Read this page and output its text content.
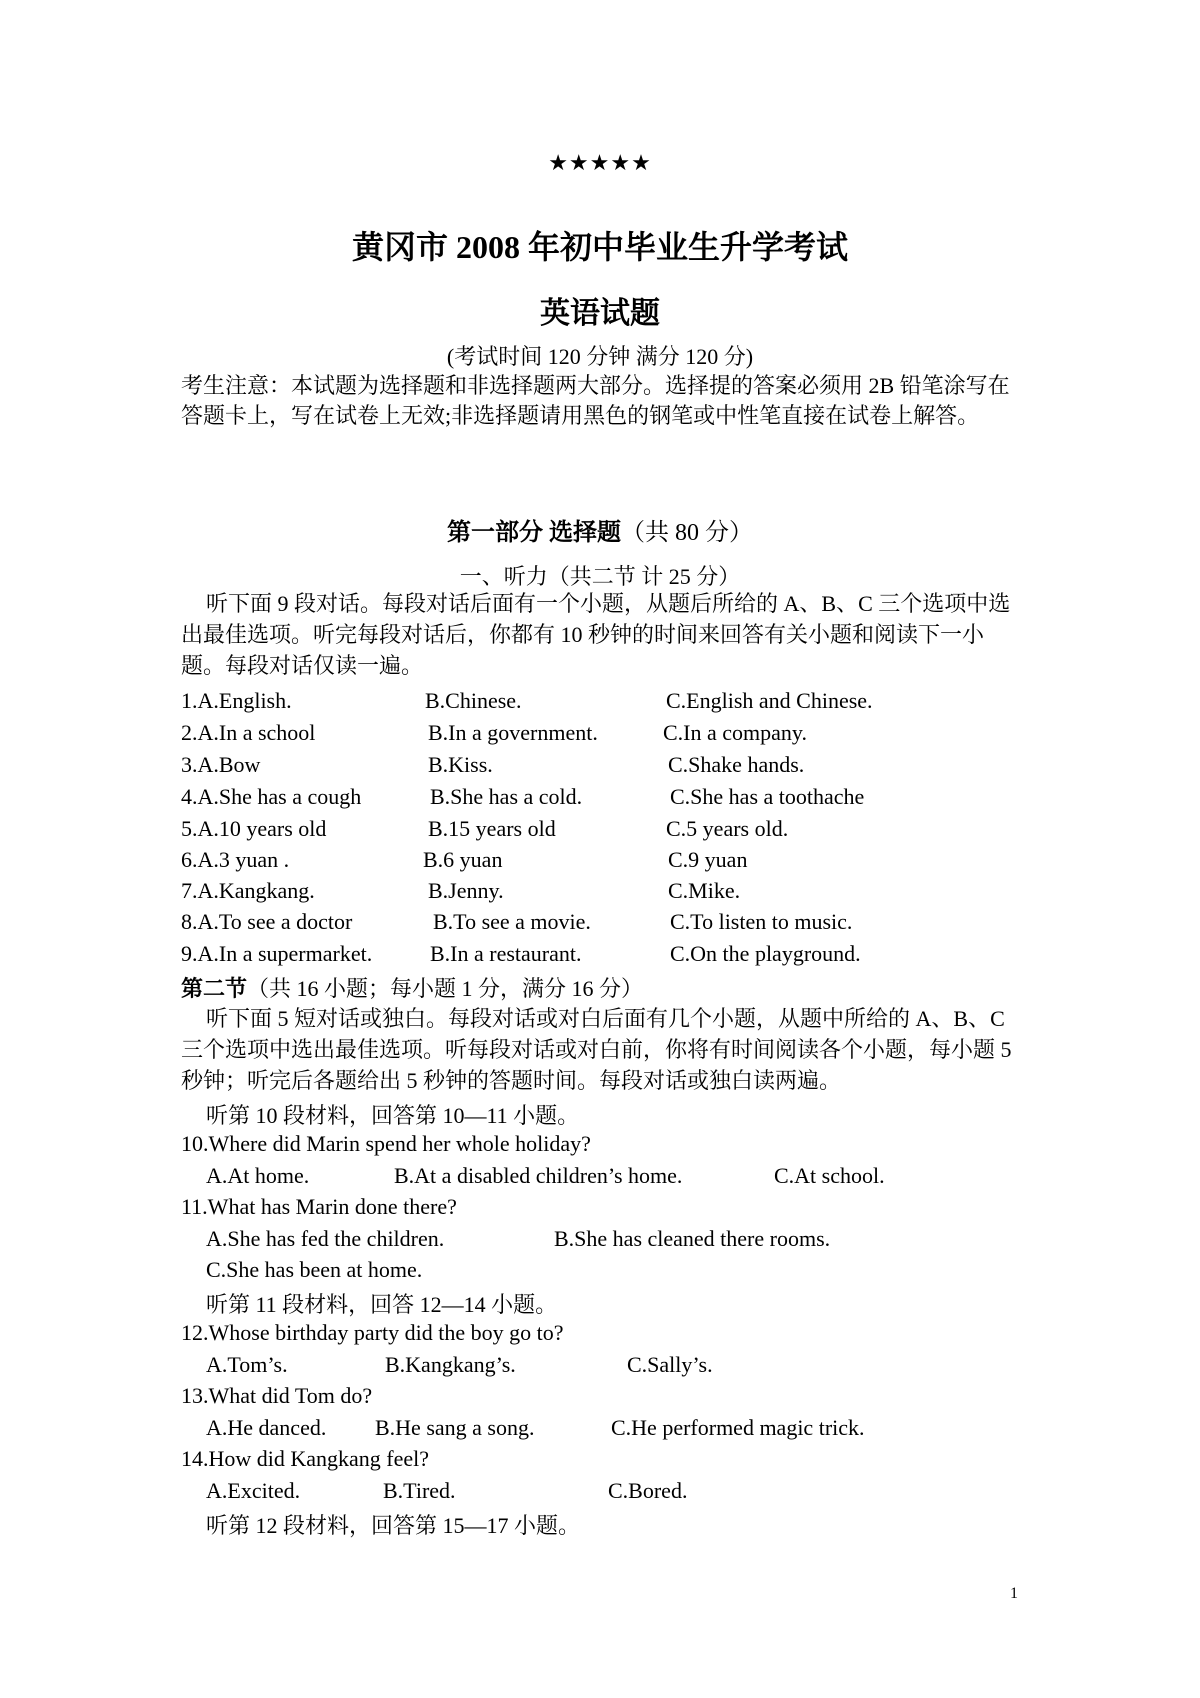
★★★★★
黄冈市 2008 年初中毕业生升学考试
英语试题
(考试时间 120 分钟 满分 120 分)
考生注意：本试题为选择题和非选择题两大部分。选择提的答案必须用 2B 铅笔涂写在答题卡上，写在试卷上无效;非选择题请用黑色的钢笔或中性笔直接在试卷上解答。
第一部分 选择题（共 80 分）
一、听力（共二节 计 25 分）
听下面 9 段对话。每段对话后面有一个小题，从题后所给的 A、B、C 三个选项中选出最佳选项。听完每段对话后，你都有 10 秒钟的时间来回答有关小题和阅读下一小题。每段对话仅读一遍。
1.A.English.	B.Chinese.	C.English and Chinese.
2.A.In a school	B.In a government.	C.In a company.
3.A.Bow	B.Kiss.	C.Shake hands.
4.A.She has a cough	B.She has a cold.	C.She has a toothache
5.A.10 years old	B.15 years old	C.5 years old.
6.A.3 yuan .	B.6 yuan	C.9 yuan
7.A.Kangkang.	B.Jenny.	C.Mike.
8.A.To see a doctor	B.To see a movie.	C.To listen to music.
9.A.In a supermarket.	B.In a restaurant.	C.On the playground.
第二节（共 16 小题；每小题 1 分，满分 16 分）
听下面 5 短对话或独白。每段对话或对白后面有几个小题，从题中所给的 A、B、C 三个选项中选出最佳选项。听每段对话或对白前，你将有时间阅读各个小题，每小题 5 秒钟；听完后各题给出 5 秒钟的答题时间。每段对话或独白读两遍。
听第 10 段材料，回答第 10—11 小题。
10.Where did Marin spend her whole holiday?
A.At home.	B.At a disabled children’s home.	C.At school.
11.What has Marin done there?
A.She has fed the children.	B.She has cleaned there rooms.
C.She has been at home.
听第 11 段材料，回答 12—14 小题。
12.Whose birthday party did the boy go to?
A.Tom’s.	B.Kangkang’s.	C.Sally’s.
13.What did Tom do?
A.He danced. B.He sang a song.	C.He performed magic trick.
14.How did Kangkang feel?
A.Excited.	B.Tired.	C.Bored.
听第 12 段材料，回答第 15—17 小题。
1
